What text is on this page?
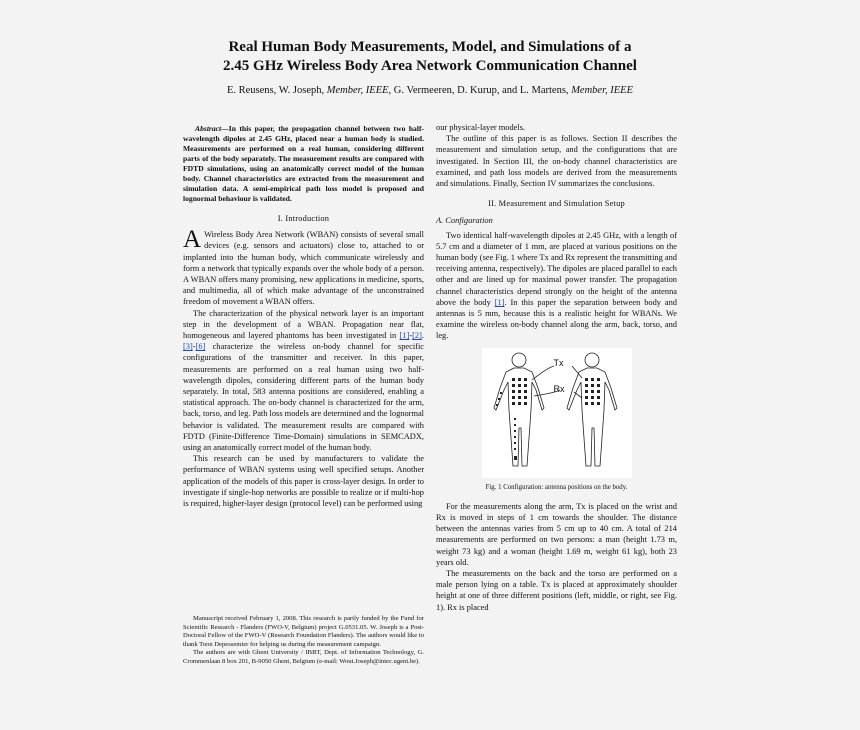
Real Human Body Measurements, Model, and Simulations of a
2.45 GHz Wireless Body Area Network Communication Channel
E. Reusens, W. Joseph, Member, IEEE, G. Vermeeren, D. Kurup, and L. Martens, Member, IEEE

Abstract—In this paper, the propagation channel between two half-wavelength dipoles at 2.45 GHz, placed near a human body is studied. Measurements are performed on a real human, considering different parts of the body separately. The measurement results are compared with FDTD simulations, using an anatomically correct model of the human body. Channel characteristics are extracted from the measurement and simulation data. A semi-empirical path loss model is proposed and lognormal behaviour is validated.

I. Introduction

A Wireless Body Area Network (WBAN) consists of several small devices (e.g. sensors and actuators) close to, attached to or implanted into the human body, which communicate wirelessly and form a network that typically expands over the whole body of a person. A WBAN offers many promising, new applications in medicine, sports, and multimedia, all of which make advantage of the unconstrained freedom of movement a WBAN offers.

The characterization of the physical network layer is an important step in the development of a WBAN. Propagation near flat, homogeneous and layered phantoms has been investigated in [1]-[2]. [3]-[6] characterize the wireless on-body channel for specific configurations of the transmitter and receiver. In this paper, measurements are performed on a real human using two half-wavelength dipoles, considering different parts of the human body separately. In total, 583 antenna positions are considered, enabling a statistical approach. The on-body channel is characterized for the arm, back, torso, and leg. Path loss models are determined and the lognormal behavior is validated. The measurement results are compared with FDTD (Finite-Difference Time-Domain) simulations in SEMCADX, using an anatomically correct model of the human body.

This research can be used by manufacturers to validate the performance of WBAN systems using well specified setups. Another application of the models of this paper is cross-layer design. In order to investigate if single-hop networks are possible to realize or if multi-hop is required, higher-layer design (protocol level) can be performed using

Manuscript received February 1, 2008. This research is partly funded by the Fund for Scientific Research - Flanders (FWO-V, Belgium) project G.0531.05. W. Joseph is a Post-Doctoral Fellow of the FWO-V (Research Foundation Flanders). The authors would like to thank Toon Depessemier for helping us during the measurement campaign.

The authors are with Ghent University / IBBT, Dept. of Information Technology, G. Crommenlaan 8 box 201, B-9050 Ghent, Belgium (e-mail: Wout.Joseph@intec.ugent.be).

our physical-layer models.

The outline of this paper is as follows. Section II describes the measurement and simulation setup, and the configurations that are investigated. In Section III, the on-body channel characteristics are examined, and path loss models are derived from the measurements and simulations. Finally, Section IV summarizes the conclusions.

II. Measurement and Simulation Setup

A. Configuration

Two identical half-wavelength dipoles at 2.45 GHz, with a length of 5.7 cm and a diameter of 1 mm, are placed at various positions on the human body (see Fig. 1 where Tx and Rx represent the transmitting and receiving antenna, respectively). The dipoles are placed parallel to each other and are lined up for maximal power transfer. The propagation channel characteristics depend strongly on the height of the antenna above the body [1]. In this paper the separation between body and antennas is 5 mm, because this is a realistic height for WBANs. We examine the wireless on-body channel along the arm, back, torso, and leg.

Tx
Rx

Fig. 1 Configuration: antenna positions on the body.

For the measurements along the arm, Tx is placed on the wrist and Rx is moved in steps of 1 cm towards the shoulder. The distance between the antennas varies from 5 cm up to 40 cm. A total of 214 measurements are performed on two persons: a man (height 1.73 m, weight 73 kg) and a woman (height 1.69 m, weight 61 kg), both 23 years old.

The measurements on the back and the torso are performed on a male person lying on a table. Tx is placed at approximately shoulder height at one of three different positions (left, middle, or right, see Fig. 1). Rx is placed
